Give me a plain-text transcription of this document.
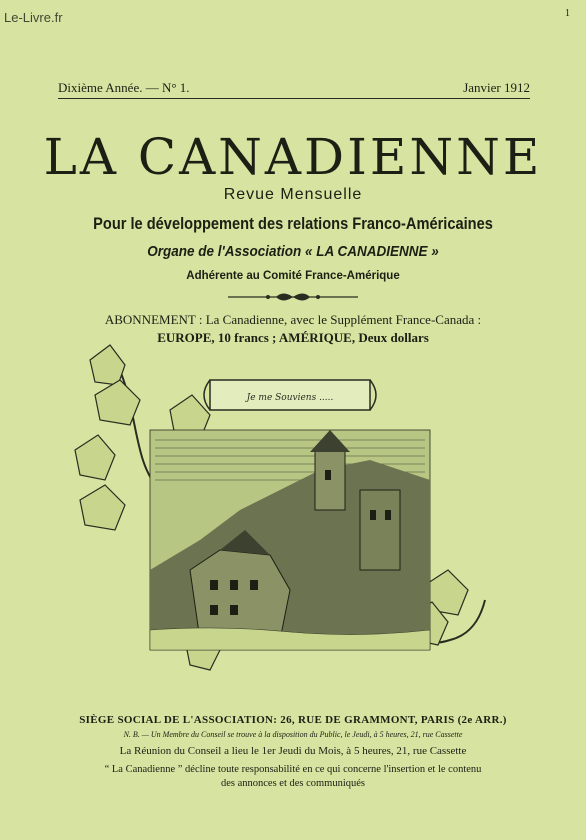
Le-Livre.fr	1
Dixième Année. — N° 1.	Janvier 1912
LA CANADIENNE
Revue Mensuelle
Pour le développement des relations Franco-Américaines
Organe de l'Association « LA CANADIENNE »
Adhérente au Comité France-Amérique
ABONNEMENT : La Canadienne, avec le Supplément France-Canada :
EUROPE, 10 francs ; AMÉRIQUE, Deux dollars
Je me Souviens .....
SIÈGE SOCIAL DE L'ASSOCIATION: 26, RUE DE GRAMMONT, PARIS (2e ARR.)
N. B. — Un Membre du Conseil se trouve à la disposition du Public, le Jeudi, à 5 heures, 21, rue Cassette
La Réunion du Conseil a lieu le 1er Jeudi du Mois, à 5 heures, 21, rue Cassette
“ La Canadienne ” décline toute responsabilité en ce qui concerne l'insertion et le contenu
des annonces et des communiqués
